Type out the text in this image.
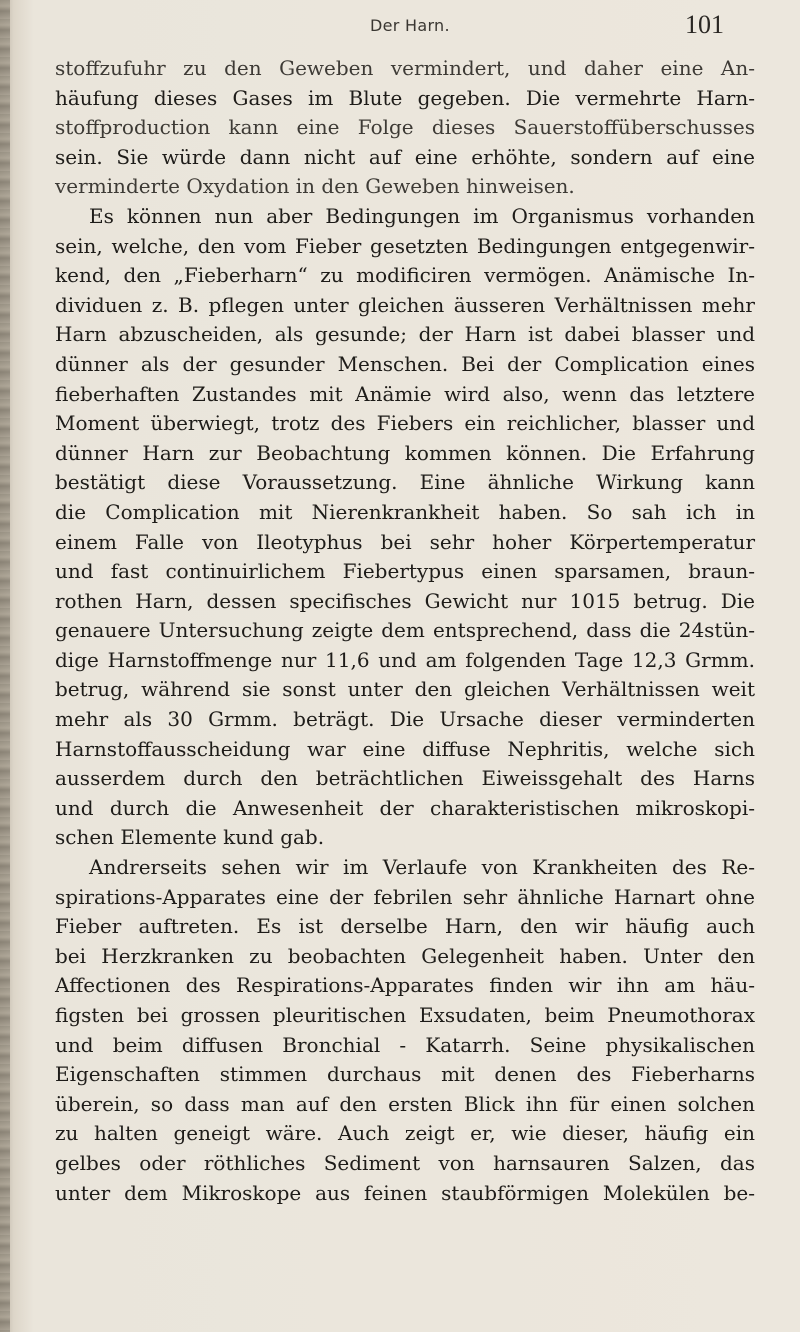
Der Harn.	101
stoffzufuhr zu den Geweben vermindert, und daher eine An-
häufung dieses Gases im Blute gegeben. Die vermehrte Harn-
stoffproduction kann eine Folge dieses Sauerstoffüberschusses
sein. Sie würde dann nicht auf eine erhöhte, sondern auf eine
verminderte Oxydation in den Geweben hinweisen.
Es können nun aber Bedingungen im Organismus vorhanden
sein, welche, den vom Fieber gesetzten Bedingungen entgegenwir-
kend, den „Fieberharn“ zu modificiren vermögen. Anämische In-
dividuen z. B. pflegen unter gleichen äusseren Verhältnissen mehr
Harn abzuscheiden, als gesunde; der Harn ist dabei blasser und
dünner als der gesunder Menschen. Bei der Complication eines
fieberhaften Zustandes mit Anämie wird also, wenn das letztere
Moment überwiegt, trotz des Fiebers ein reichlicher, blasser und
dünner Harn zur Beobachtung kommen können. Die Erfahrung
bestätigt diese Voraussetzung. Eine ähnliche Wirkung kann
die Complication mit Nierenkrankheit haben. So sah ich in
einem Falle von Ileotyphus bei sehr hoher Körpertemperatur
und fast continuirlichem Fiebertypus einen sparsamen, braun-
rothen Harn, dessen specifisches Gewicht nur 1015 betrug. Die
genauere Untersuchung zeigte dem entsprechend, dass die 24stün-
dige Harnstoffmenge nur 11,6 und am folgenden Tage 12,3 Grmm.
betrug, während sie sonst unter den gleichen Verhältnissen weit
mehr als 30 Grmm. beträgt. Die Ursache dieser verminderten
Harnstoffausscheidung war eine diffuse Nephritis, welche sich
ausserdem durch den beträchtlichen Eiweissgehalt des Harns
und durch die Anwesenheit der charakteristischen mikroskopi-
schen Elemente kund gab.
Andrerseits sehen wir im Verlaufe von Krankheiten des Re-
spirations-Apparates eine der febrilen sehr ähnliche Harnart ohne
Fieber auftreten. Es ist derselbe Harn, den wir häufig auch
bei Herzkranken zu beobachten Gelegenheit haben. Unter den
Affectionen des Respirations-Apparates finden wir ihn am häu-
figsten bei grossen pleuritischen Exsudaten, beim Pneumothorax
und beim diffusen Bronchial - Katarrh. Seine physikalischen
Eigenschaften stimmen durchaus mit denen des Fieberharns
überein, so dass man auf den ersten Blick ihn für einen solchen
zu halten geneigt wäre. Auch zeigt er, wie dieser, häufig ein
gelbes oder röthliches Sediment von harnsauren Salzen, das
unter dem Mikroskope aus feinen staubförmigen Molekülen be-
